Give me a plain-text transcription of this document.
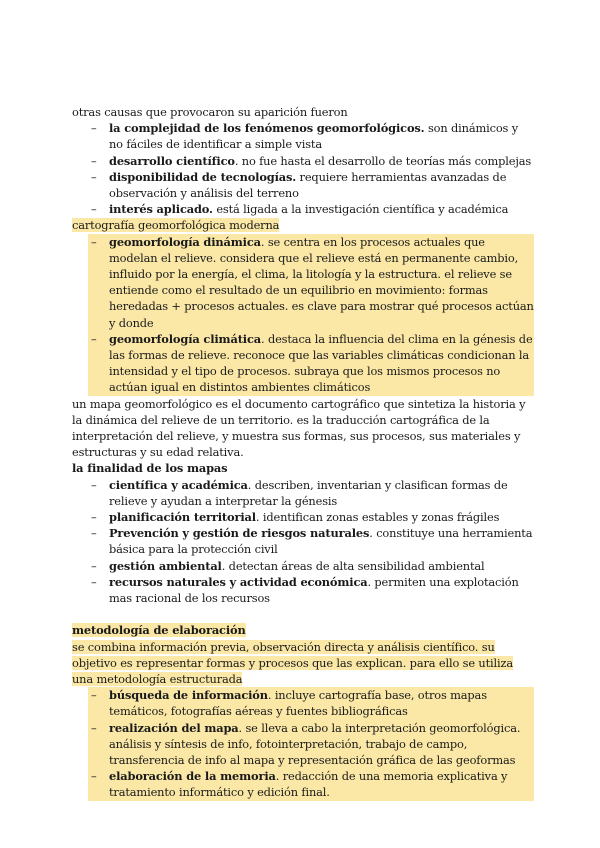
otras causas que provocaron su aparición fueron

– la complejidad de los fenómenos geomorfológicos. son dinámicos y no fáciles de identificar a simple vista
– desarrollo científico. no fue hasta el desarrollo de teorías más complejas
– disponibilidad de tecnologías. requiere herramientas avanzadas de observación y análisis del terreno
– interés aplicado. está ligada a la investigación científica y académica

cartografía geomorfológica moderna

– geomorfología dinámica. se centra en los procesos actuales que modelan el relieve. considera que el relieve está en permanente cambio, influido por la energía, el clima, la litología y la estructura. el relieve se entiende como el resultado de un equilibrio en movimiento: formas heredadas + procesos actuales. es clave para mostrar qué procesos actúan y donde
– geomorfología climática. destaca la influencia del clima en la génesis de las formas de relieve. reconoce que las variables climáticas condicionan la intensidad y el tipo de procesos. subraya que los mismos procesos no actúan igual en distintos ambientes climáticos

un mapa geomorfológico es el documento cartográfico que sintetiza la historia y la dinámica del relieve de un territorio. es la traducción cartográfica de la interpretación del relieve, y muestra sus formas, sus procesos, sus materiales y estructuras y su edad relativa.

la finalidad de los mapas

– científica y académica. describen, inventarian y clasifican formas de relieve y ayudan a interpretar la génesis
– planificación territorial. identifican zonas estables y zonas frágiles
– Prevención y gestión de riesgos naturales. constituye una herramienta básica para la protección civil
– gestión ambiental. detectan áreas de alta sensibilidad ambiental
– recursos naturales y actividad económica. permiten una explotación mas racional de los recursos

metodología de elaboración

se combina información previa, observación directa y análisis científico. su objetivo es representar formas y procesos que las explican. para ello se utiliza una metodología estructurada

– búsqueda de información. incluye cartografía base, otros mapas temáticos, fotografías aéreas y fuentes bibliográficas
– realización del mapa. se lleva a cabo la interpretación geomorfológica. análisis y síntesis de info, fotointerpretación, trabajo de campo, transferencia de info al mapa y representación gráfica de las geoformas
– elaboración de la memoria. redacción de una memoria explicativa y tratamiento informático y edición final.
